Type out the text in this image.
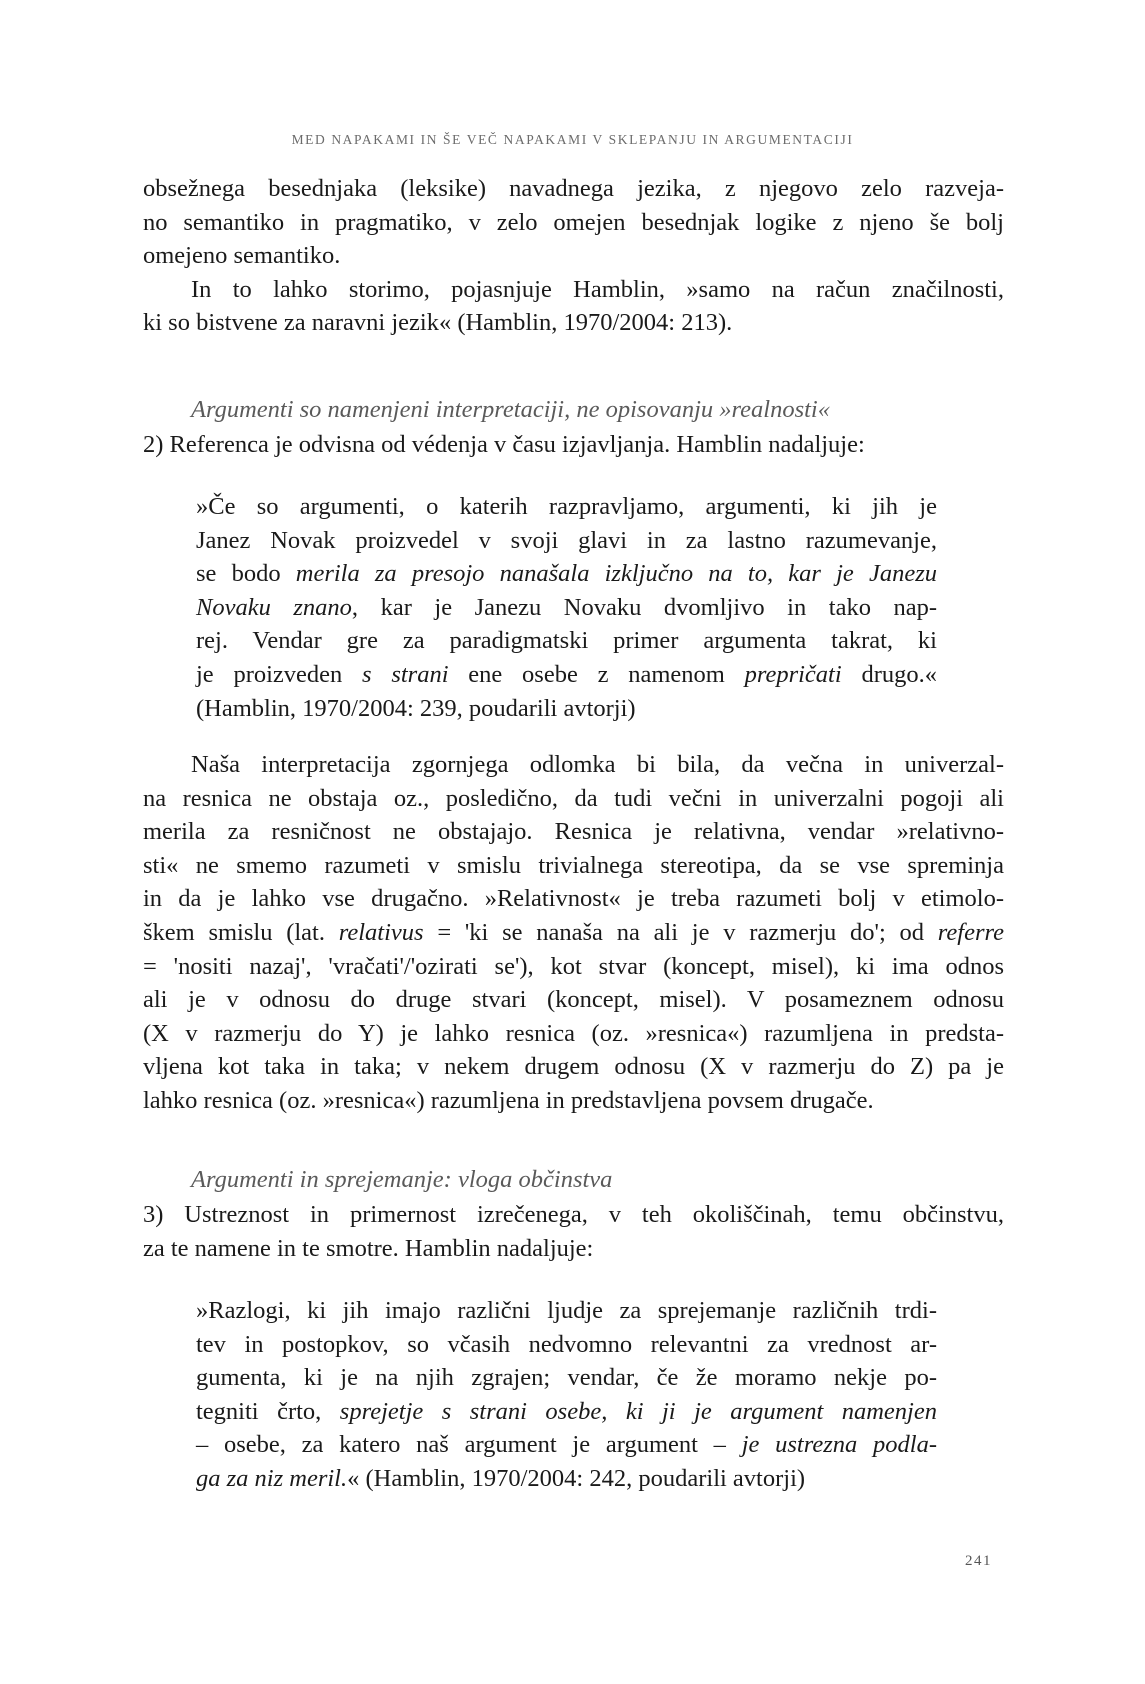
MED NAPAKAMI IN ŠE VEČ NAPAKAMI V SKLEPANJU IN ARGUMENTACIJI
obsežnega besednjaka (leksike) navadnega jezika, z njegovo zelo razveja-
no semantiko in pragmatiko, v zelo omejen besednjak logike z njeno še bolj
omejeno semantiko.
In to lahko storimo, pojasnjuje Hamblin, »samo na račun značilnosti,
ki so bistvene za naravni jezik« (Hamblin, 1970/2004: 213).
Argumenti so namenjeni interpretaciji, ne opisovanju »realnosti«
2) Referenca je odvisna od védenja v času izjavljanja. Hamblin nadaljuje:
»Če so argumenti, o katerih razpravljamo, argumenti, ki jih je
Janez Novak proizvedel v svoji glavi in za lastno razumevanje,
se bodo merila za presojo nanašala izključno na to, kar je Janezu
Novaku znano, kar je Janezu Novaku dvomljivo in tako nap-
rej. Vendar gre za paradigmatski primer argumenta takrat, ki
je proizveden s strani ene osebe z namenom prepričati drugo.«
(Hamblin, 1970/2004: 239, poudarili avtorji)
Naša interpretacija zgornjega odlomka bi bila, da večna in univerzal-
na resnica ne obstaja oz., posledično, da tudi večni in univerzalni pogoji ali
merila za resničnost ne obstajajo. Resnica je relativna, vendar »relativno-
sti« ne smemo razumeti v smislu trivialnega stereotipa, da se vse spreminja
in da je lahko vse drugačno. »Relativnost« je treba razumeti bolj v etimolo-
škem smislu (lat. relativus = 'ki se nanaša na ali je v razmerju do'; od referre
= 'nositi nazaj', 'vračati'/'ozirati se'), kot stvar (koncept, misel), ki ima odnos
ali je v odnosu do druge stvari (koncept, misel). V posameznem odnosu
(X v razmerju do Y) je lahko resnica (oz. »resnica«) razumljena in predsta-
vljena kot taka in taka; v nekem drugem odnosu (X v razmerju do Z) pa je
lahko resnica (oz. »resnica«) razumljena in predstavljena povsem drugače.
Argumenti in sprejemanje: vloga občinstva
3) Ustreznost in primernost izrečenega, v teh okoliščinah, temu občinstvu,
za te namene in te smotre. Hamblin nadaljuje:
»Razlogi, ki jih imajo različni ljudje za sprejemanje različnih trdi-
tev in postopkov, so včasih nedvomno relevantni za vrednost ar-
gumenta, ki je na njih zgrajen; vendar, če že moramo nekje po-
tegniti črto, sprejetje s strani osebe, ki ji je argument namenjen
– osebe, za katero naš argument je argument – je ustrezna podla-
ga za niz meril.« (Hamblin, 1970/2004: 242, poudarili avtorji)
241
